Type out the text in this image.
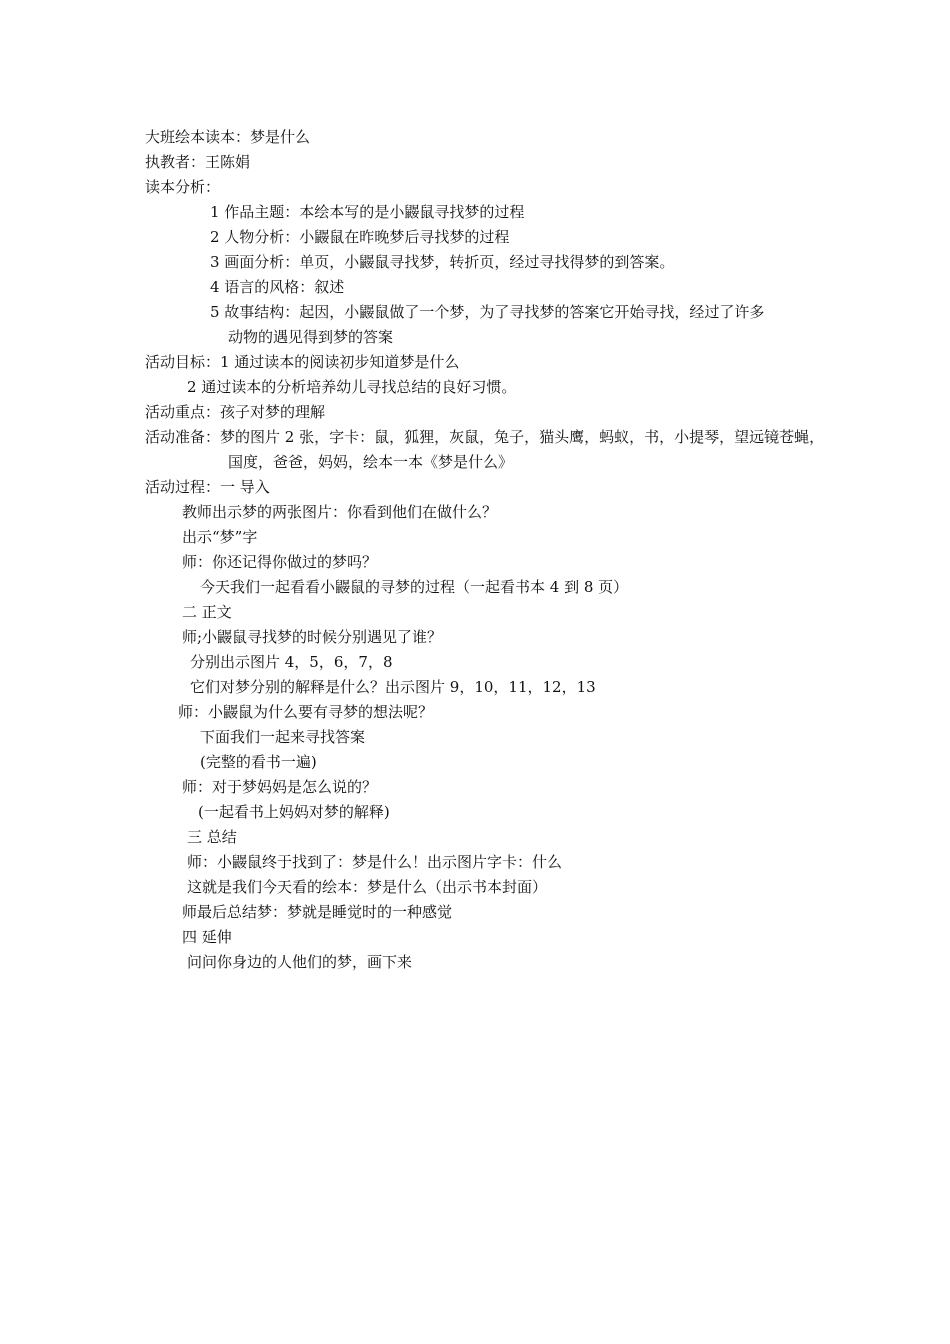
大班绘本读本：梦是什么
执教者：王陈娟
读本分析：
1 作品主题：本绘本写的是小鼹鼠寻找梦的过程
2 人物分析：小鼹鼠在昨晚梦后寻找梦的过程
3 画面分析：单页，小鼹鼠寻找梦，转折页，经过寻找得梦的到答案。
4 语言的风格：叙述
5 故事结构：起因，小鼹鼠做了一个梦，为了寻找梦的答案它开始寻找，经过了许多
动物的遇见得到梦的答案
活动目标：1 通过读本的阅读初步知道梦是什么
2 通过读本的分析培养幼儿寻找总结的良好习惯。
活动重点：孩子对梦的理解
活动准备：梦的图片 2 张，字卡：鼠，狐狸，灰鼠，兔子，猫头鹰，蚂蚁，书，小提琴，望远镜苍蝇，
国度，爸爸，妈妈，绘本一本《梦是什么》
活动过程：一 导入
教师出示梦的两张图片：你看到他们在做什么？
出示“梦”字
师：你还记得你做过的梦吗？
今天我们一起看看小鼹鼠的寻梦的过程（一起看书本 4 到 8 页）
二 正文
师;小鼹鼠寻找梦的时候分别遇见了谁？
分别出示图片 4，5，6，7，8
它们对梦分别的解释是什么？出示图片 9，10，11，12，13
师：小鼹鼠为什么要有寻梦的想法呢？
下面我们一起来寻找答案
(完整的看书一遍)
师：对于梦妈妈是怎么说的？
(一起看书上妈妈对梦的解释)
三 总结
师：小鼹鼠终于找到了：梦是什么！出示图片字卡：什么
这就是我们今天看的绘本：梦是什么（出示书本封面）
师最后总结梦：梦就是睡觉时的一种感觉
四 延伸
问问你身边的人他们的梦，画下来
